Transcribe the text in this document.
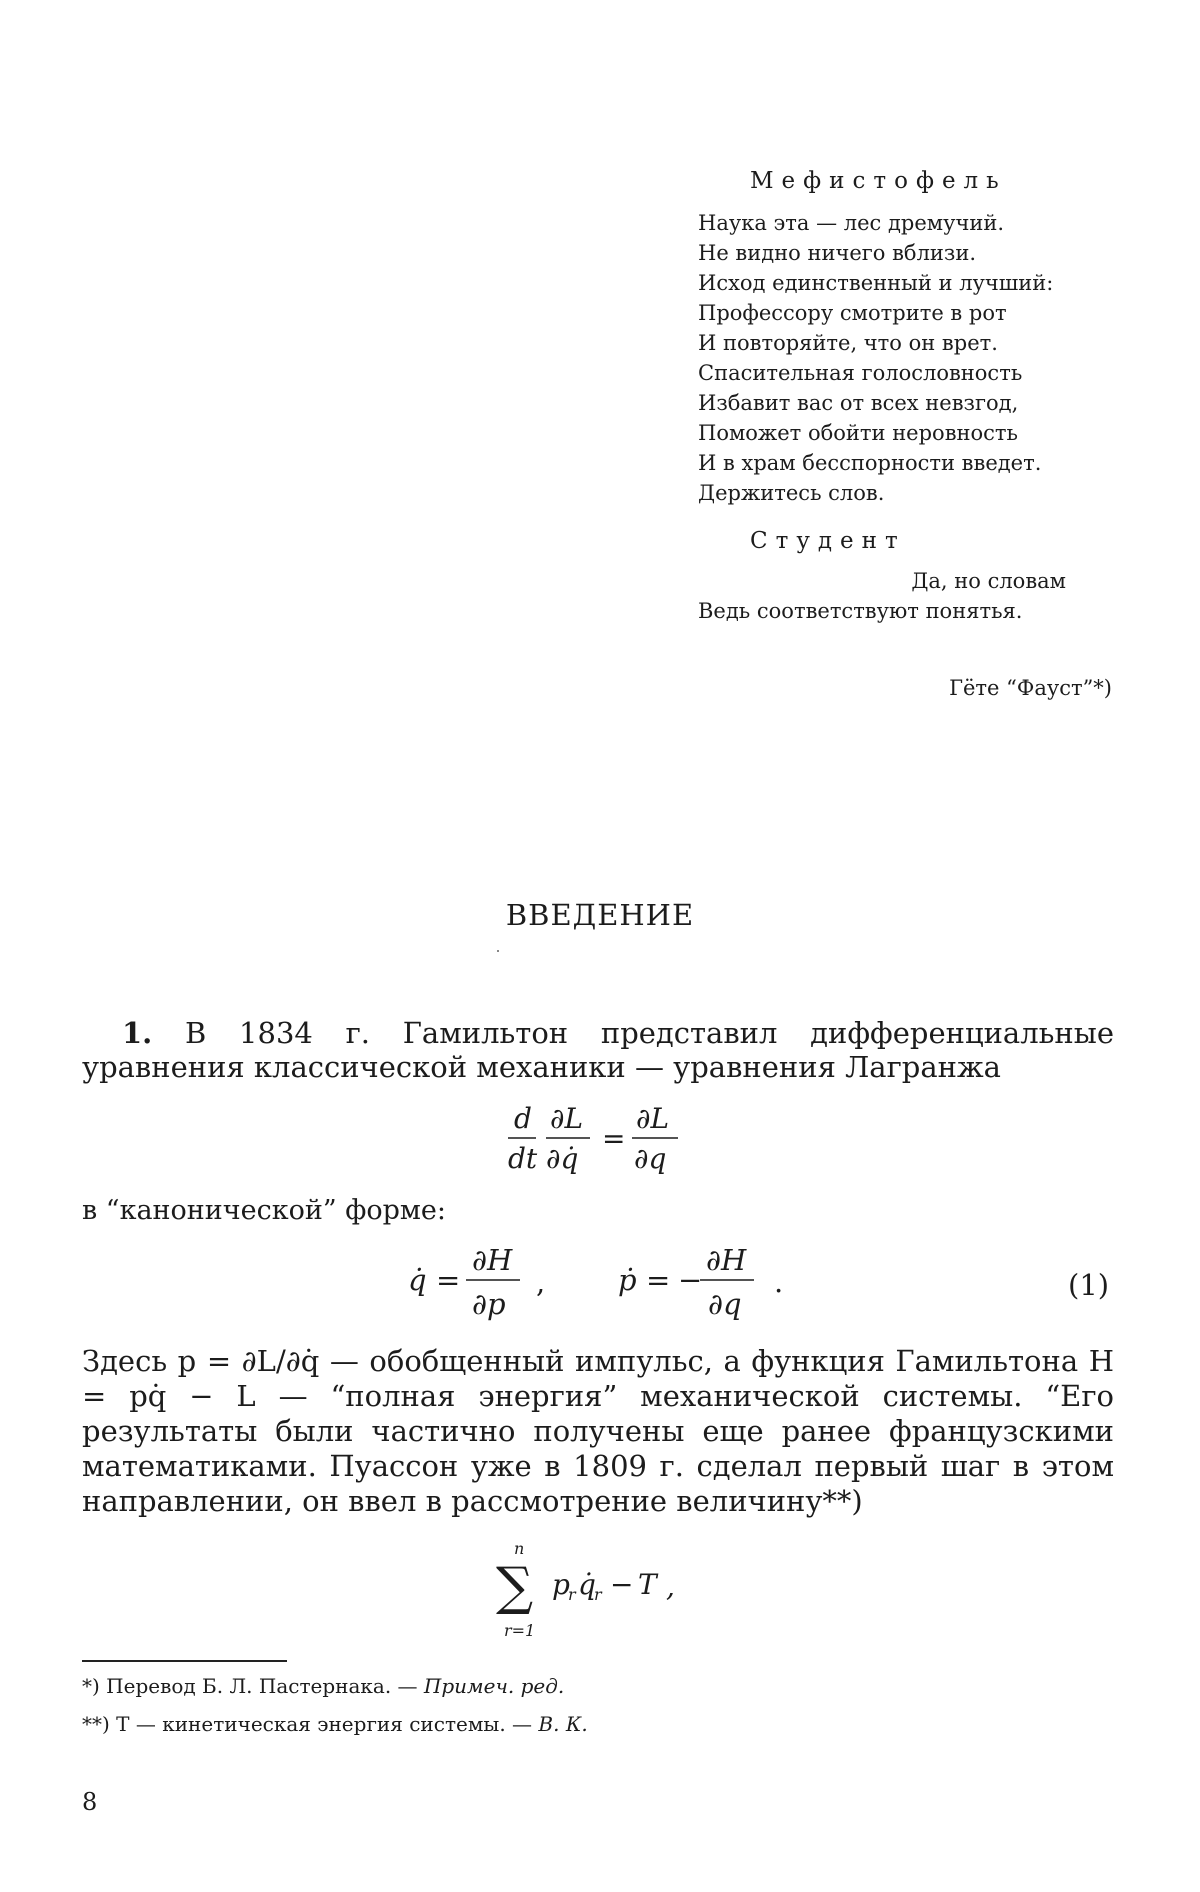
Мефистофель
Наука эта — лес дремучий.
Не видно ничего вблизи.
Исход единственный и лучший:
Профессору смотрите в рот
И повторяйте, что он врет.
Спасительная голословность
Избавит вас от всех невзгод,
Поможет обойти неровность
И в храм бесспорности введет.
Держитесь слов.
Студент
Да, но словам
Ведь соответствуют понятья.
Гёте “Фауст”*)
ВВЕДЕНИЕ
1. В 1834 г. Гамильтон представил дифференциальные уравнения классической механики — уравнения Лагранжа
d
dt
∂L
∂q̇
=
∂L
∂q
в “канонической” форме:
q̇ =
∂H
∂p
,	ṗ = −
∂H
∂q
.	(1)
Здесь p = ∂L/∂q̇ — обобщенный импульс, а функция Гамильтона H = pq̇ − L — “полная энергия” механической системы. “Его результаты были частично получены еще ранее французскими математиками. Пуассон уже в 1809 г. сделал первый шаг в этом направлении, он ввел в рассмотрение величину**)
n
∑
r=1
p
r q̇
r − T ,
*) Перевод Б. Л. Пастернака. — Примеч. ред.
**) T — кинетическая энергия системы. — В. К.
8
